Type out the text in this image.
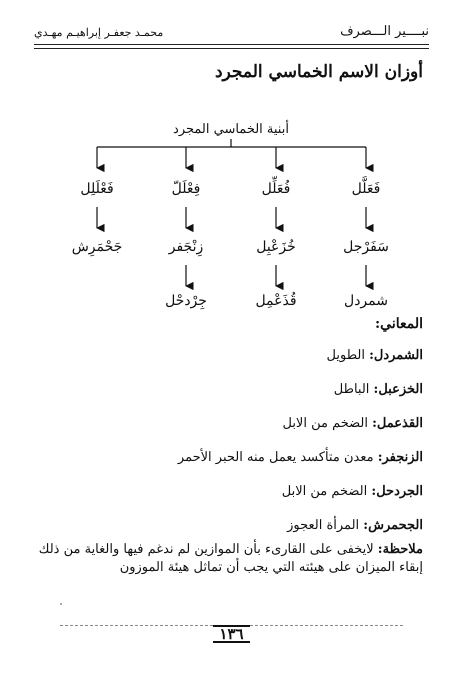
نبــــير الـــصرف
محمـد جعفـر إبراهيـم مهـدي
أوزان الاسم الخماسي المجرد
أبنية الخماسي المجرد
فَعَلَّل
فُعَلِّل
فِعْلَلّ
فَعْلَلِل
سَفَرْجل
خُزَعْبِل
زِنْجَفر
جَحْمَرِش
شمردل
قُذَعْمِل
جِرْدحْل
المعاني:
الشمردل: الطويل
الخزعبل: الباطل
القذعمل: الضخم من الابل
الزنجفر: معدن متأكسد يعمل منه الحبر الأحمر
الجردحل: الضخم من الابل
الجحمرش: المرأة العجوز

ملاحظة: لايخفى على القارىء بأن الموازين لم ندغم فيها والغاية من ذلك إبقاء الميزان على هيئته التي يجب أن تماثل هيئة الموزون

١٣٦
